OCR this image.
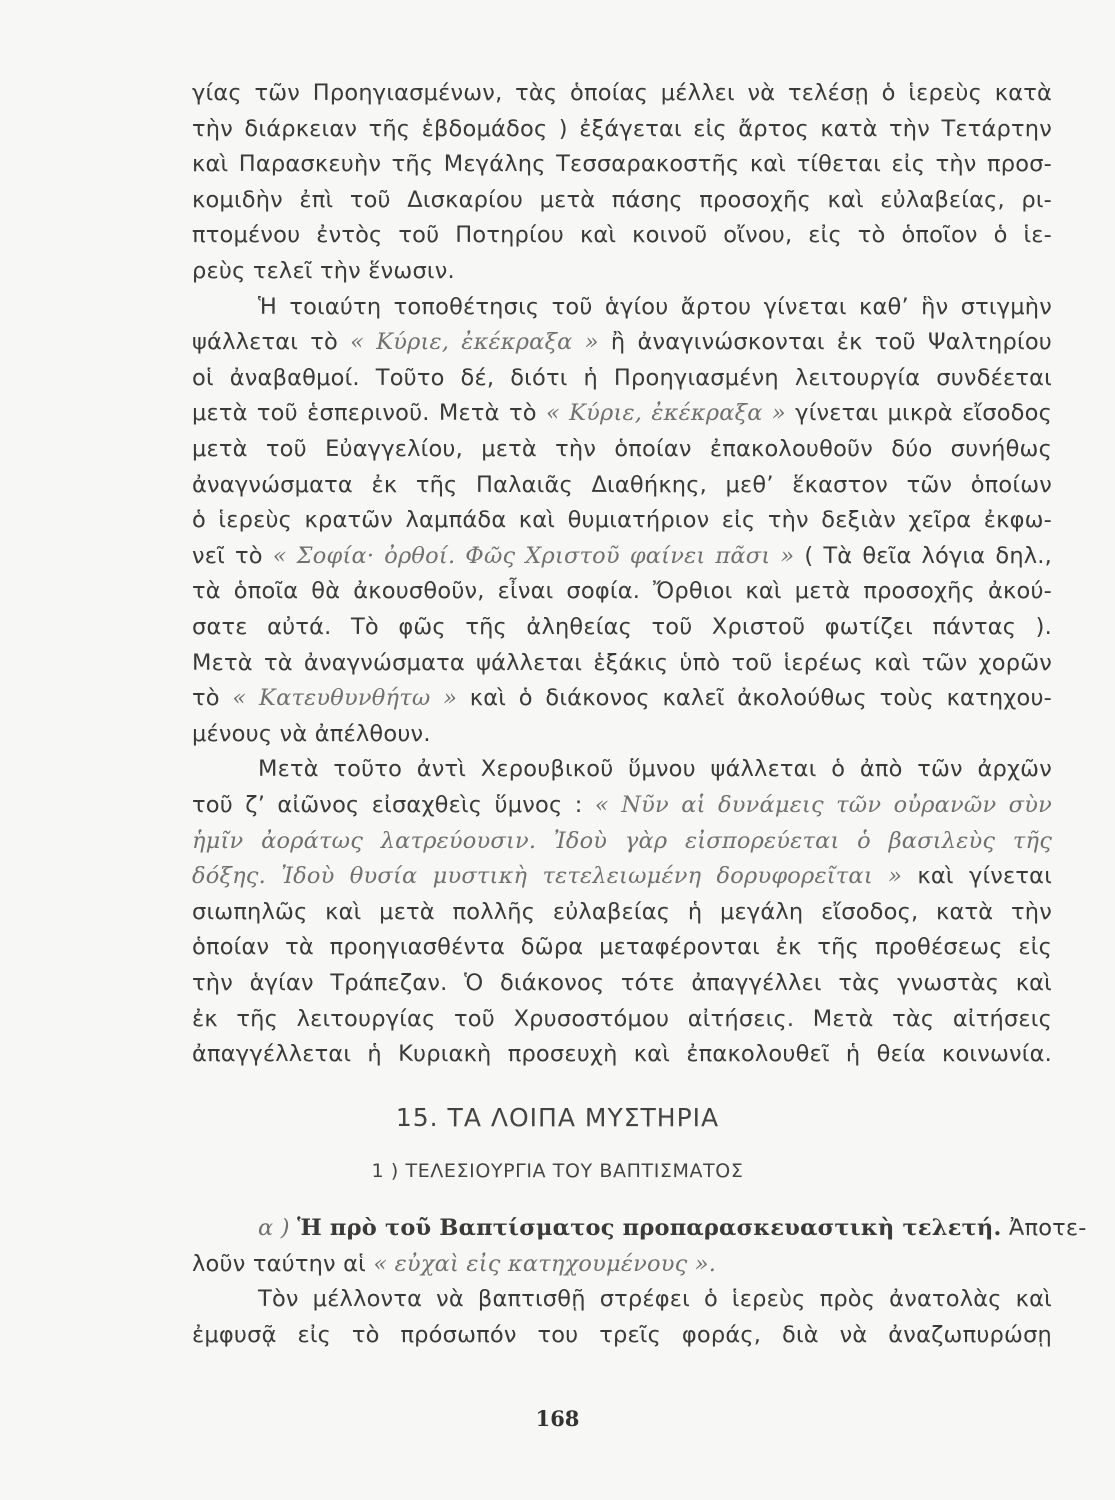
γίας τῶν Προηγιασμένων, τὰς ὁποίας μέλλει νὰ τελέσῃ ὁ ἱερεὺς κατὰ
τὴν διάρκειαν τῆς ἑβδομάδος ) ἐξάγεται εἰς ἄρτος κατὰ τὴν Τετάρτην
καὶ Παρασκευὴν τῆς Μεγάλης Τεσσαρακοστῆς καὶ τίθεται εἰς τὴν προσ-
κομιδὴν ἐπὶ τοῦ Δισκαρίου μετὰ πάσης προσοχῆς καὶ εὐλαβείας, ρι-
πτομένου ἐντὸς τοῦ Ποτηρίου καὶ κοινοῦ οἴνου, εἰς τὸ ὁποῖον ὁ ἱε-
ρεὺς τελεῖ τὴν ἕνωσιν.
Ἡ τοιαύτη τοποθέτησις τοῦ ἁγίου ἄρτου γίνεται καθ’ ἣν στιγμὴν
ψάλλεται τὸ « Κύριε, ἐκέκραξα » ἢ ἀναγινώσκονται ἐκ τοῦ Ψαλτηρίου
οἱ ἀναβαθμοί. Τοῦτο δέ, διότι ἡ Προηγιασμένη λειτουργία συνδέεται
μετὰ τοῦ ἑσπερινοῦ. Μετὰ τὸ « Κύριε, ἐκέκραξα » γίνεται μικρὰ εἴσοδος
μετὰ τοῦ Εὐαγγελίου, μετὰ τὴν ὁποίαν ἐπακολουθοῦν δύο συνήθως
ἀναγνώσματα ἐκ τῆς Παλαιᾶς Διαθήκης, μεθ’ ἕκαστον τῶν ὁποίων
ὁ ἱερεὺς κρατῶν λαμπάδα καὶ θυμιατήριον εἰς τὴν δεξιὰν χεῖρα ἐκφω-
νεῖ τὸ « Σοφία· ὀρθοί. Φῶς Χριστοῦ φαίνει πᾶσι » ( Τὰ θεῖα λόγια δηλ.,
τὰ ὁποῖα θὰ ἀκουσθοῦν, εἶναι σοφία. Ὄρθιοι καὶ μετὰ προσοχῆς ἀκού-
σατε αὐτά. Τὸ φῶς τῆς ἀληθείας τοῦ Χριστοῦ φωτίζει πάντας ).
Μετὰ τὰ ἀναγνώσματα ψάλλεται ἑξάκις ὑπὸ τοῦ ἱερέως καὶ τῶν χορῶν
τὸ « Κατευθυνθήτω » καὶ ὁ διάκονος καλεῖ ἀκολούθως τοὺς κατηχου-
μένους νὰ ἀπέλθουν.
Μετὰ τοῦτο ἀντὶ Χερουβικοῦ ὕμνου ψάλλεται ὁ ἀπὸ τῶν ἀρχῶν
τοῦ ζ’ αἰῶνος εἰσαχθεὶς ὕμνος : « Νῦν αἱ δυνάμεις τῶν οὐρανῶν σὺν
ἡμῖν ἀοράτως λατρεύουσιν. Ἰδοὺ γὰρ εἰσπορεύεται ὁ βασιλεὺς τῆς
δόξης. Ἰδοὺ θυσία μυστικὴ τετελειωμένη δορυφορεῖται » καὶ γίνεται
σιωπηλῶς καὶ μετὰ πολλῆς εὐλαβείας ἡ μεγάλη εἴσοδος, κατὰ τὴν
ὁποίαν τὰ προηγιασθέντα δῶρα μεταφέρονται ἐκ τῆς προθέσεως εἰς
τὴν ἁγίαν Τράπεζαν. Ὁ διάκονος τότε ἀπαγγέλλει τὰς γνωστὰς καὶ
ἐκ τῆς λειτουργίας τοῦ Χρυσοστόμου αἰτήσεις. Μετὰ τὰς αἰτήσεις
ἀπαγγέλλεται ἡ Κυριακὴ προσευχὴ καὶ ἐπακολουθεῖ ἡ θεία κοινωνία.
15. ΤΑ ΛΟΙΠΑ ΜΥΣΤΗΡΙΑ
1 ) ΤΕΛΕΣΙΟΥΡΓΙΑ ΤΟΥ ΒΑΠΤΙΣΜΑΤΟΣ
α ) Ἡ πρὸ τοῦ Βαπτίσματος προπαρασκευαστικὴ τελετή. Ἀποτε-
λοῦν ταύτην αἱ « εὐχαὶ εἰς κατηχουμένους ».
Τὸν μέλλοντα νὰ βαπτισθῇ στρέφει ὁ ἱερεὺς πρὸς ἀνατολὰς καὶ
ἐμφυσᾷ εἰς τὸ πρόσωπόν του τρεῖς φοράς, διὰ νὰ ἀναζωπυρώσῃ
168
